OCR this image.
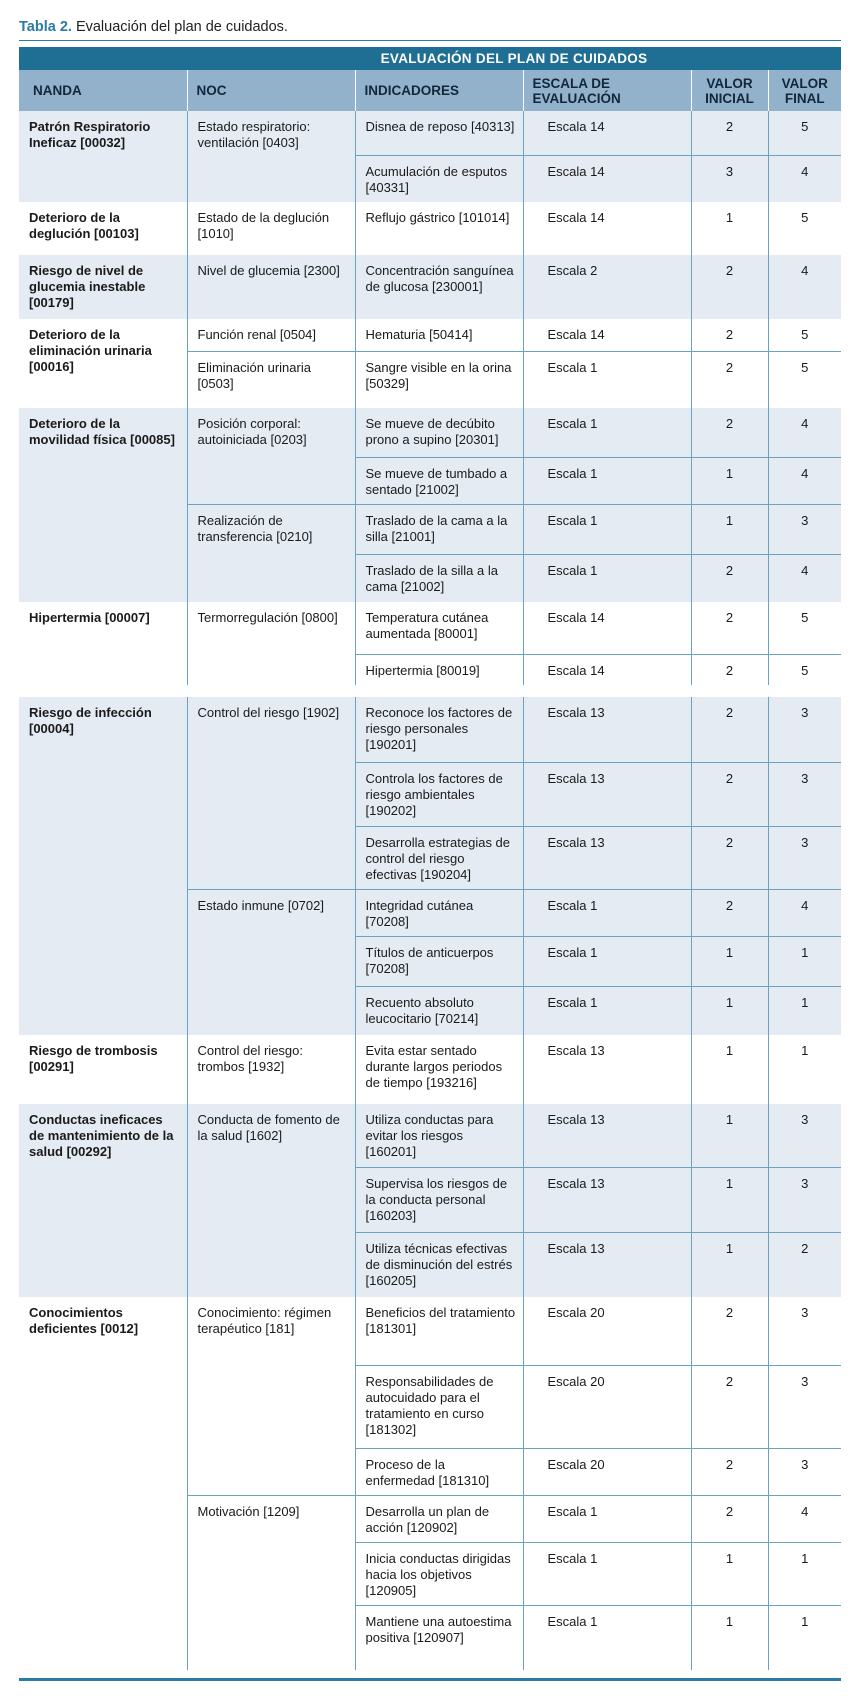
Tabla 2. Evaluación del plan de cuidados.
	EVALUACIÓN DEL PLAN DE CUIDADOS				
NANDA	NOC	INDICADORES	ESCALA DE EVALUACIÓN	VALOR INICIAL	VALOR FINAL
Patrón Respiratorio Ineficaz [00032]	Estado respiratorio: ventilación [0403]	Disnea de reposo [40313]	Escala 14	2	5
		Acumulación de esputos [40331]	Escala 14	3	4
Deterioro de la deglución [00103]	Estado de la deglución [1010]	Reflujo gástrico [101014]	Escala 14	1	5
Riesgo de nivel de glucemia inestable [00179]	Nivel de glucemia [2300]	Concentración sanguínea de glucosa [230001]	Escala 2	2	4
Deterioro de la eliminación urinaria [00016]	Función renal [0504]	Hematuria [50414]	Escala 14	2	5
	Eliminación urinaria [0503]	Sangre visible en la orina [50329]	Escala 1	2	5
Deterioro de la movilidad física [00085]	Posición corporal: autoiniciada [0203]	Se mueve de decúbito prono a supino [20301]	Escala 1	2	4
		Se mueve de tumbado a sentado [21002]	Escala 1	1	4
	Realización de transferencia [0210]	Traslado de la cama a la silla [21001]	Escala 1	1	3
		Traslado de la silla a la cama [21002]	Escala 1	2	4
Hipertermia [00007]	Termorregulación [0800]	Temperatura cutánea aumentada [80001]	Escala 14	2	5
		Hipertermia [80019]	Escala 14	2	5

Riesgo de infección [00004]	Control del riesgo [1902]	Reconoce los factores de riesgo personales [190201]	Escala 13	2	3
		Controla los factores de riesgo ambientales [190202]	Escala 13	2	3
		Desarrolla estrategias de control del riesgo efectivas [190204]	Escala 13	2	3
	Estado inmune [0702]	Integridad cutánea [70208]	Escala 1	2	4
		Títulos de anticuerpos [70208]	Escala 1	1	1
		Recuento absoluto leucocitario [70214]	Escala 1	1	1
Riesgo de trombosis [00291]	Control del riesgo: trombos [1932]	Evita estar sentado durante largos periodos de tiempo [193216]	Escala 13	1	1
Conductas ineficaces de mantenimiento de la salud [00292]	Conducta de fomento de la salud [1602]	Utiliza conductas para evitar los riesgos [160201]	Escala 13	1	3
		Supervisa los riesgos de la conducta personal [160203]	Escala 13	1	3
		Utiliza técnicas efectivas de disminución del estrés [160205]	Escala 13	1	2
Conocimientos deficientes [0012]	Conocimiento: régimen terapéutico [181]	Beneficios del tratamiento [181301]	Escala 20	2	3
		Responsabilidades de autocuidado para el tratamiento en curso [181302]	Escala 20	2	3
		Proceso de la enfermedad [181310]	Escala 20	2	3
	Motivación [1209]	Desarrolla un plan de acción [120902]	Escala 1	2	4
		Inicia conductas dirigidas hacia los objetivos [120905]	Escala 1	1	1
		Mantiene una autoestima positiva [120907]	Escala 1	1	1
